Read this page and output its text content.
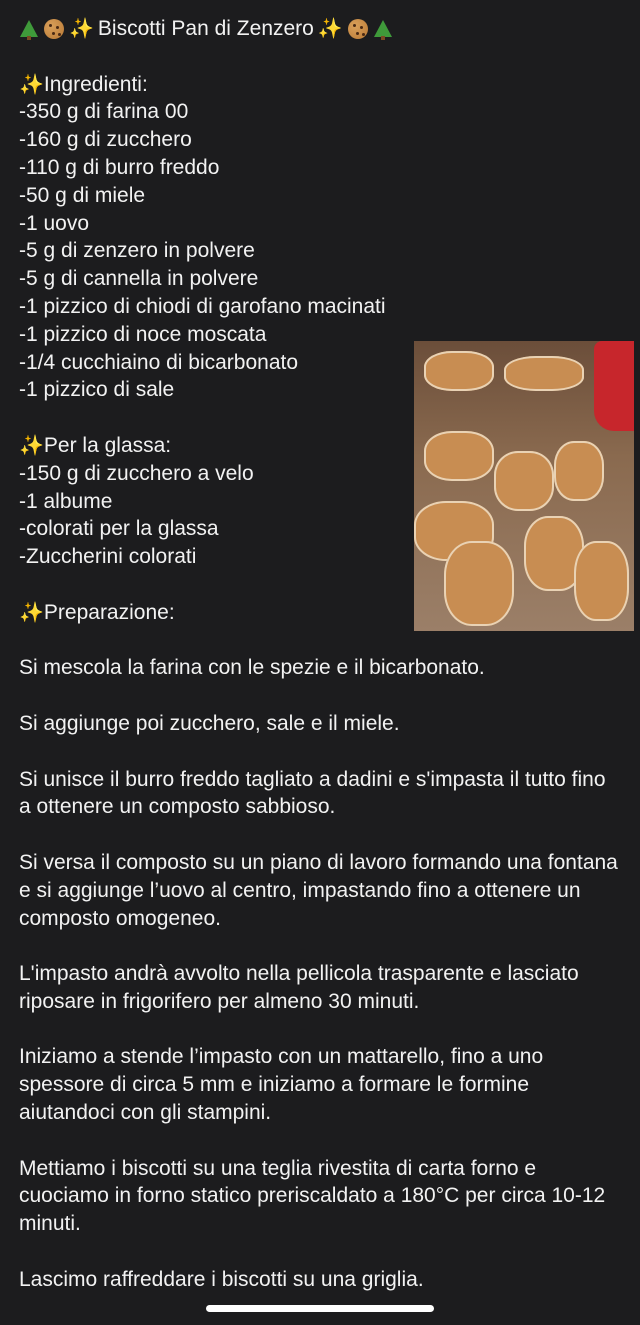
✨ Biscotti Pan di Zenzero ✨
✨Ingredienti:
-350 g di farina 00
-160 g di zucchero
-110 g di burro freddo
-50 g di miele
-1 uovo
-5 g di zenzero in polvere
-5 g di cannella in polvere
-1 pizzico di chiodi di garofano macinati
-1 pizzico di noce moscata
-1/4 cucchiaino di bicarbonato
-1 pizzico di sale
✨Per la glassa:
-150 g di zucchero a velo
-1 albume
-colorati per la glassa
-Zuccherini colorati
✨Preparazione:
Si mescola la farina con le spezie e il bicarbonato.
Si aggiunge poi zucchero, sale e il miele.
Si unisce il burro freddo tagliato a dadini e s'impasta il tutto fino a ottenere un composto sabbioso.
Si versa il composto su un piano di lavoro formando una fontana e si aggiunge l’uovo al centro, impastando fino a ottenere un composto omogeneo.
L'impasto andrà avvolto nella pellicola trasparente e lasciato riposare in frigorifero per almeno 30 minuti.
Iniziamo a stende l’impasto con un mattarello, fino a uno spessore di circa 5 mm e iniziamo a formare le formine aiutandoci con gli stampini.
Mettiamo i biscotti su una teglia rivestita di carta forno e cuociamo in forno statico preriscaldato a 180°C per circa 10-12 minuti.
Lascimo raffreddare i biscotti su una griglia.
